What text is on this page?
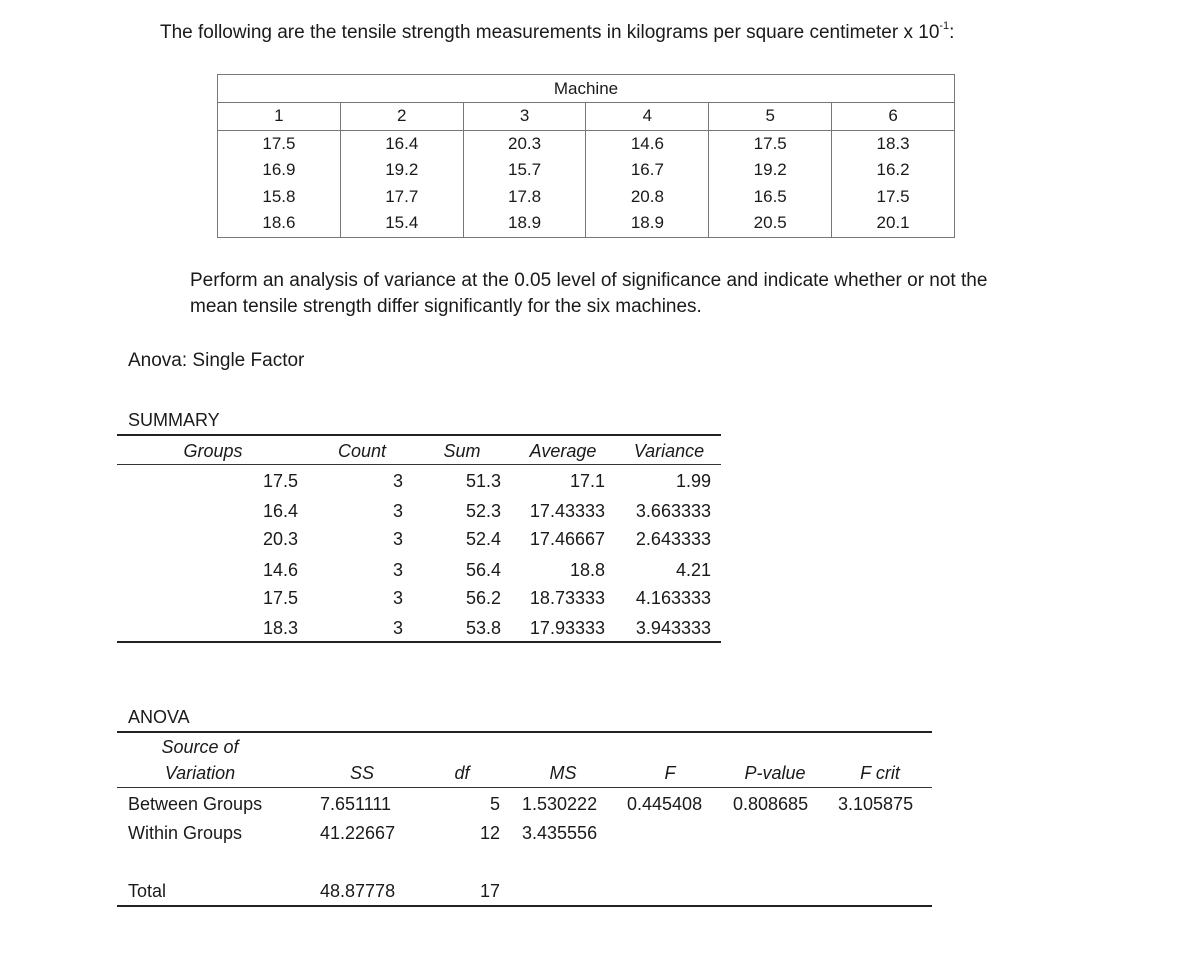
The following are the tensile strength measurements in kilograms per square centimeter x $10^{-1}$:
Machine					
1	2	3	4	5	6
17.5	16.4	20.3	14.6	17.5	18.3
16.9	19.2	15.7	16.7	19.2	16.2
15.8	17.7	17.8	20.8	16.5	17.5
18.6	15.4	18.9	18.9	20.5	20.1
Perform an analysis of variance at the 0.05 level of significance and indicate whether or not the
mean tensile strength differ significantly for the six machines.
Anova: Single Factor
SUMMARY
Groups	Count	Sum	Average	Variance
17.5	3	51.3	17.1	1.99
16.4	3	52.3	17.43333	3.663333
20.3	3	52.4	17.46667	2.643333
14.6	3	56.4	18.8	4.21
17.5	3	56.2	18.73333	4.163333
18.3	3	53.8	17.93333	3.943333
ANOVA
Source of
Variation	SS	df	MS	F	P-value	F crit
Between Groups	7.651111	5 1.530222 0.445408 0.808685 3.105875
Within Groups	41.22667	12 3.435556
Total	48.87778	17
